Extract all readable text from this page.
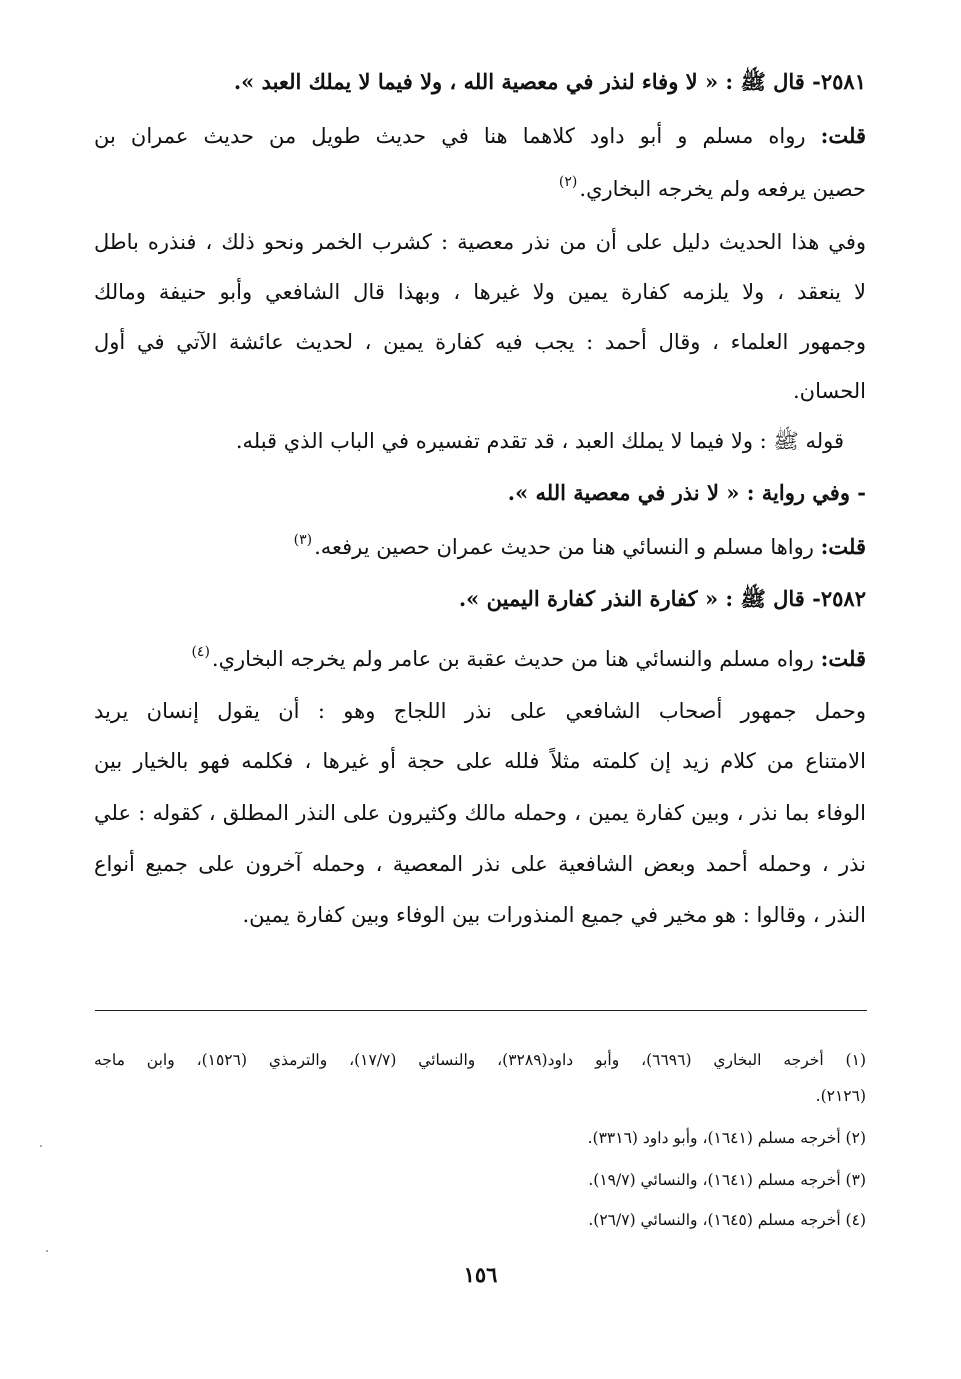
٢٥٨١- قال ﷺ : « لا وفاء لنذر في معصية الله ، ولا فيما لا يملك العبد ».
قلت: رواه مسلم و أبو داود كلاهما هنا في حديث طويل من حديث عمران بن
حصين يرفعه ولم يخرجه البخاري.$^{(٢)}$
وفي هذا الحديث دليل على أن من نذر معصية : كشرب الخمر ونحو ذلك ، فنذره باطل
لا ينعقد ، ولا يلزمه كفارة يمين ولا غيرها ، وبهذا قال الشافعي وأبو حنيفة ومالك
وجمهور العلماء ، وقال أحمد : يجب فيه كفارة يمين ، لحديث عائشة الآتي في أول
الحسان.
قوله ﷺ : ولا فيما لا يملك العبد ، قد تقدم تفسيره في الباب الذي قبله.
- وفي رواية : « لا نذر في معصية الله ».
قلت: رواها مسلم و النسائي هنا من حديث عمران حصين يرفعه.$^{(٣)}$
٢٥٨٢- قال ﷺ : « كفارة النذر كفارة اليمين ».
قلت: رواه مسلم والنسائي هنا من حديث عقبة بن عامر ولم يخرجه البخاري.$^{(٤)}$
وحمل جمهور أصحاب الشافعي على نذر اللجاج وهو : أن يقول إنسان يريد
الامتناع من كلام زيد إن كلمته مثلاً فلله على حجة أو غيرها ، فكلمه فهو بالخيار بين
الوفاء بما نذر ، وبين كفارة يمين ، وحمله مالك وكثيرون على النذر المطلق ، كقوله : علي
نذر ، وحمله أحمد وبعض الشافعية على نذر المعصية ، وحمله آخرون على جميع أنواع
النذر ، وقالوا : هو مخير في جميع المنذورات بين الوفاء وبين كفارة يمين.
(١) أخرجه البخاري (٦٦٩٦)، وأبو داود(٣٢٨٩)، والنسائي (١٧/٧)، والترمذي (١٥٢٦)، وابن ماجه
(٢١٢٦).
(٢) أخرجه مسلم (١٦٤١)، وأبو داود (٣٣١٦).
(٣) أخرجه مسلم (١٦٤١)، والنسائي (١٩/٧).
(٤) أخرجه مسلم (١٦٤٥)، والنسائي (٢٦/٧).
١٥٦
